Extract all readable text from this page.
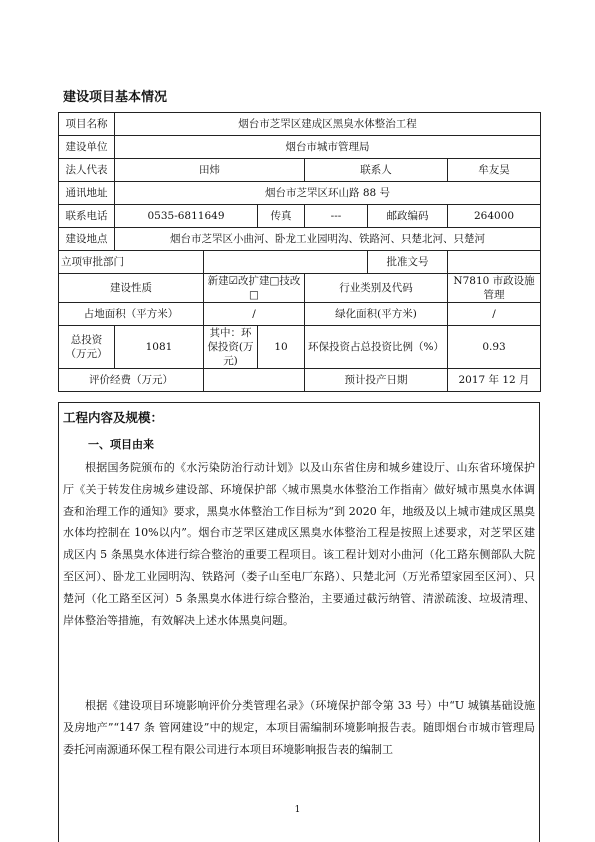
建设项目基本情况
项目名称	烟台市芝罘区建成区黑臭水体整治工程					
建设单位	烟台市城市管理局					
法人代表	田炜			联系人		牟友昊
通讯地址	烟台市芝罘区环山路 88 号					
联系电话	0535-6811649		传真	---	邮政编码	264000
建设地点	烟台市芝罘区小曲河、卧龙工业园明沟、铁路河、只楚北河、只楚河					
立项审批部门					批准文号	
建设性质		新建☑改扩建□技改□		行业类别及代码		N7810 市政设施管理
占地面积（平方米）		/		绿化面积(平方米)		/
总投资（万元）	1081	其中：环保投资(万元)	10	环保投资占总投资比例（%）		0.93
评价经费（万元）				预计投产日期		2017 年 12 月
工程内容及规模：
一、项目由来
根据国务院颁布的《水污染防治行动计划》以及山东省住房和城乡建设厅、山东省环境保护厅《关于转发住房城乡建设部、环境保护部〈城市黑臭水体整治工作指南〉做好城市黑臭水体调查和治理工作的通知》要求，黑臭水体整治工作目标为“到 2020 年，地级及以上城市建成区黑臭水体均控制在 10%以内”。烟台市芝罘区建成区黑臭水体整治工程是按照上述要求，对芝罘区建成区内 5 条黑臭水体进行综合整治的重要工程项目。该工程计划对小曲河（化工路东侧部队大院至区河）、卧龙工业园明沟、铁路河（娄子山至电厂东路）、只楚北河（万光希望家园至区河）、只楚河（化工路至区河）5 条黑臭水体进行综合整治，主要通过截污纳管、清淤疏浚、垃圾清理、岸体整治等措施，有效解决上述水体黑臭问题。
根据《建设项目环境影响评价分类管理名录》（环境保护部令第 33 号）中“U 城镇基础设施及房地产”“147 条 管网建设”中的规定，本项目需编制环境影响报告表。随即烟台市城市管理局委托河南源通环保工程有限公司进行本项目环境影响报告表的编制工
1
